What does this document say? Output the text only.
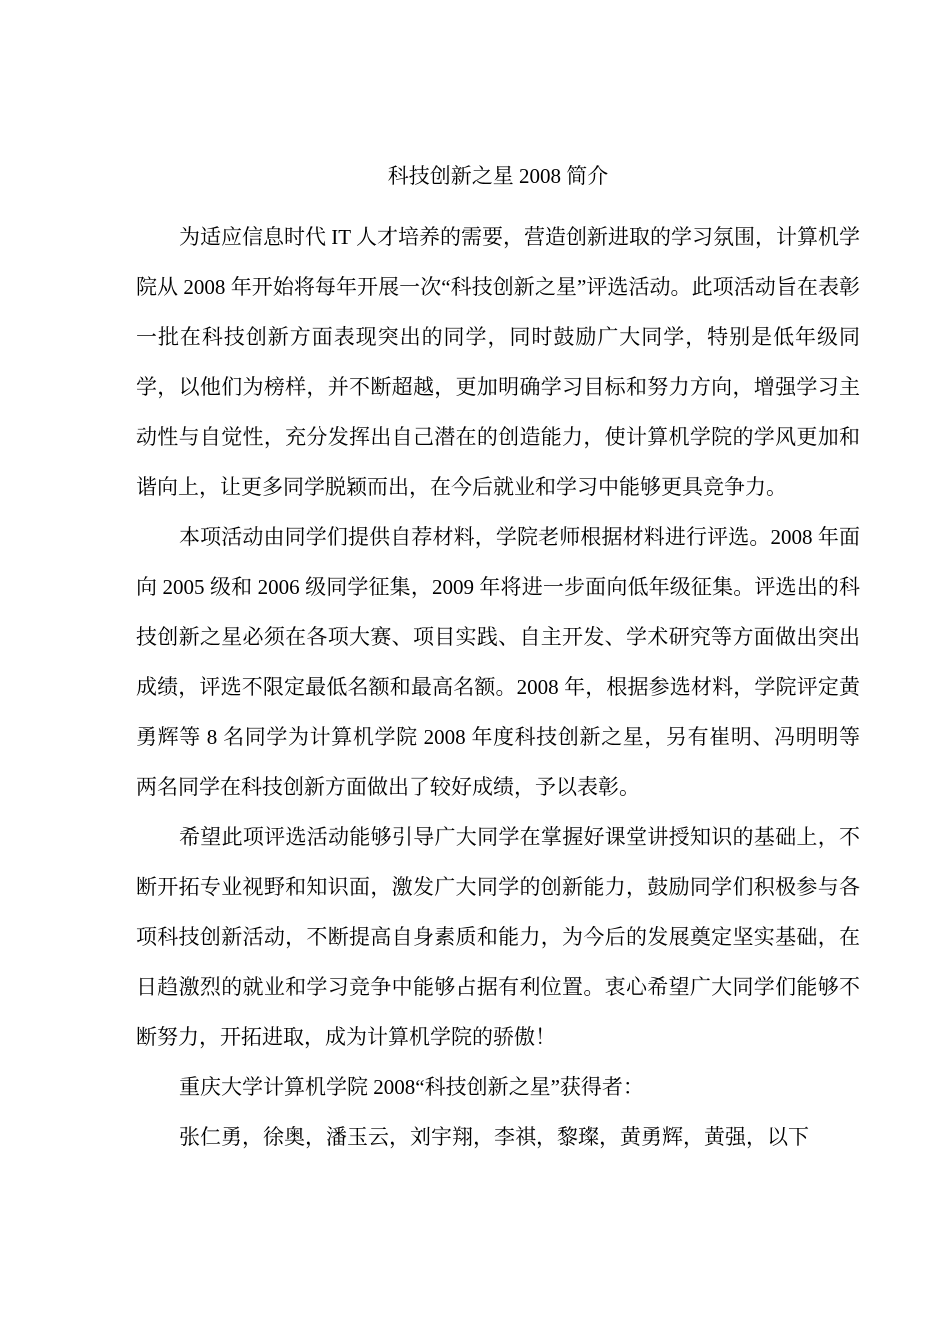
科技创新之星 2008 简介

为适应信息时代 IT 人才培养的需要，营造创新进取的学习氛围，计算机学院从 2008 年开始将每年开展一次“科技创新之星”评选活动。此项活动旨在表彰一批在科技创新方面表现突出的同学，同时鼓励广大同学，特别是低年级同学，以他们为榜样，并不断超越，更加明确学习目标和努力方向，增强学习主动性与自觉性，充分发挥出自己潜在的创造能力，使计算机学院的学风更加和谐向上，让更多同学脱颖而出，在今后就业和学习中能够更具竞争力。

本项活动由同学们提供自荐材料，学院老师根据材料进行评选。2008 年面向 2005 级和 2006 级同学征集，2009 年将进一步面向低年级征集。评选出的科技创新之星必须在各项大赛、项目实践、自主开发、学术研究等方面做出突出成绩，评选不限定最低名额和最高名额。2008 年，根据参选材料，学院评定黄勇辉等 8 名同学为计算机学院 2008 年度科技创新之星，另有崔明、冯明明等两名同学在科技创新方面做出了较好成绩，予以表彰。

希望此项评选活动能够引导广大同学在掌握好课堂讲授知识的基础上，不断开拓专业视野和知识面，激发广大同学的创新能力，鼓励同学们积极参与各项科技创新活动，不断提高自身素质和能力，为今后的发展奠定坚实基础，在日趋激烈的就业和学习竞争中能够占据有利位置。衷心希望广大同学们能够不断努力，开拓进取，成为计算机学院的骄傲！

重庆大学计算机学院 2008“科技创新之星”获得者：

张仁勇，徐奥，潘玉云，刘宇翔，李祺，黎璨，黄勇辉，黄强，以下
